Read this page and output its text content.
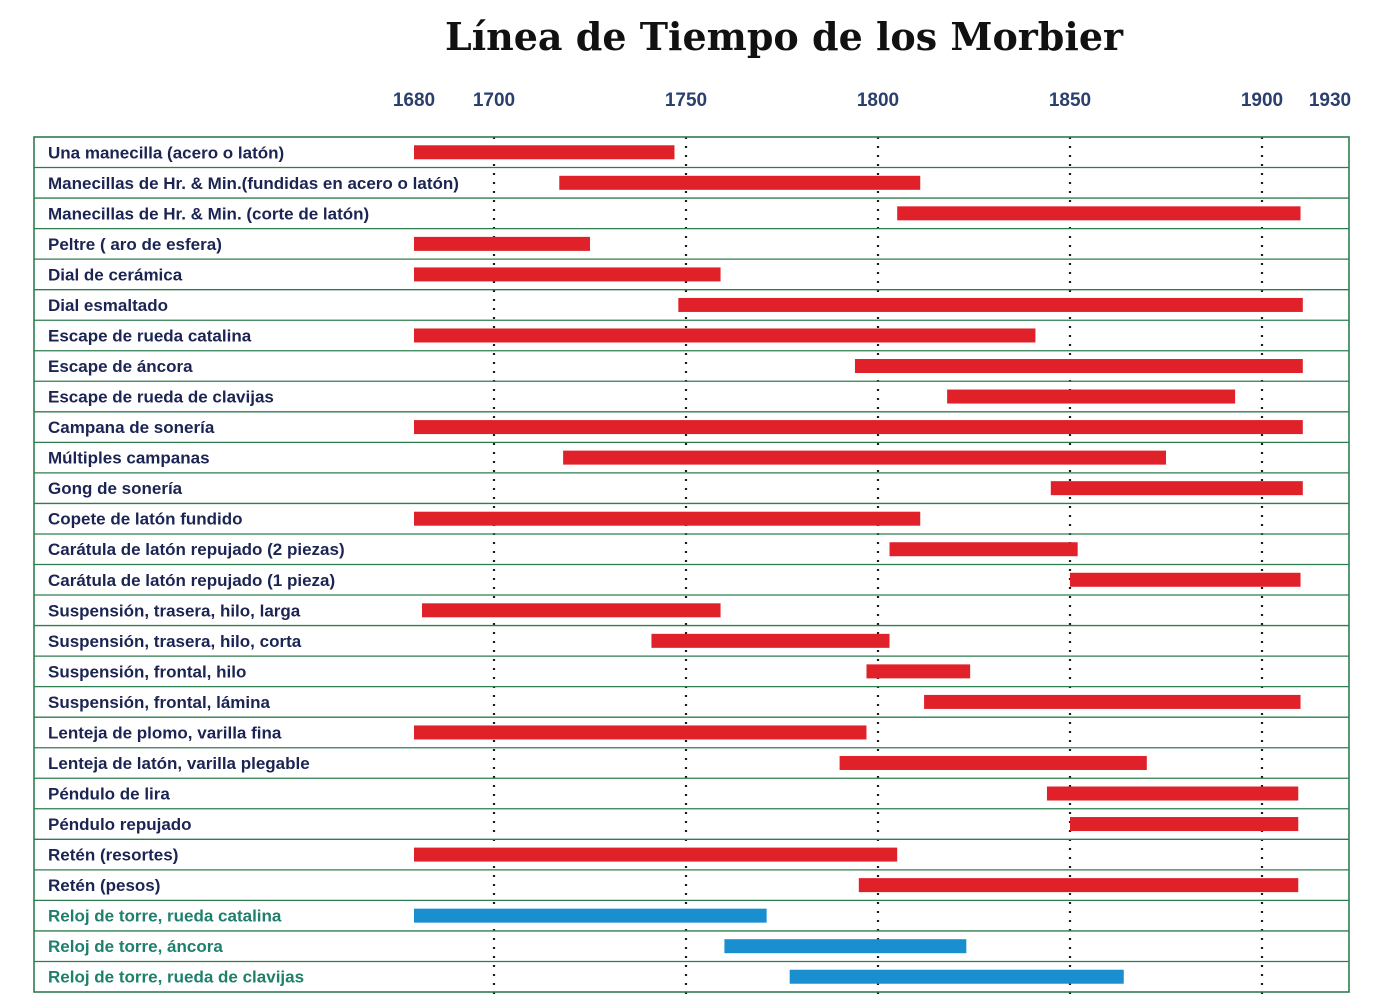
Línea de Tiempo de los Morbier
1680 1700	1750	1800	1850	1900 1930
Una manecilla (acero o latón)
Manecillas de Hr. & Min.(fundidas en acero o latón)
Manecillas de Hr. & Min. (corte de latón)
Peltre ( aro de esfera)
Dial de cerámica
Dial esmaltado
Escape de rueda catalina
Escape de áncora
Escape de rueda de clavijas
Campana de sonería
Múltiples campanas
Gong de sonería
Copete de latón fundido
Carátula de latón repujado (2 piezas)
Carátula de latón repujado (1 pieza)
Suspensión, trasera, hilo, larga
Suspensión, trasera, hilo, corta
Suspensión, frontal, hilo
Suspensión, frontal, lámina
Lenteja de plomo, varilla fina
Lenteja de latón, varilla plegable
Péndulo de lira
Péndulo repujado
Retén (resortes)
Retén (pesos)
Reloj de torre, rueda catalina
Reloj de torre, áncora
Reloj de torre, rueda de clavijas
